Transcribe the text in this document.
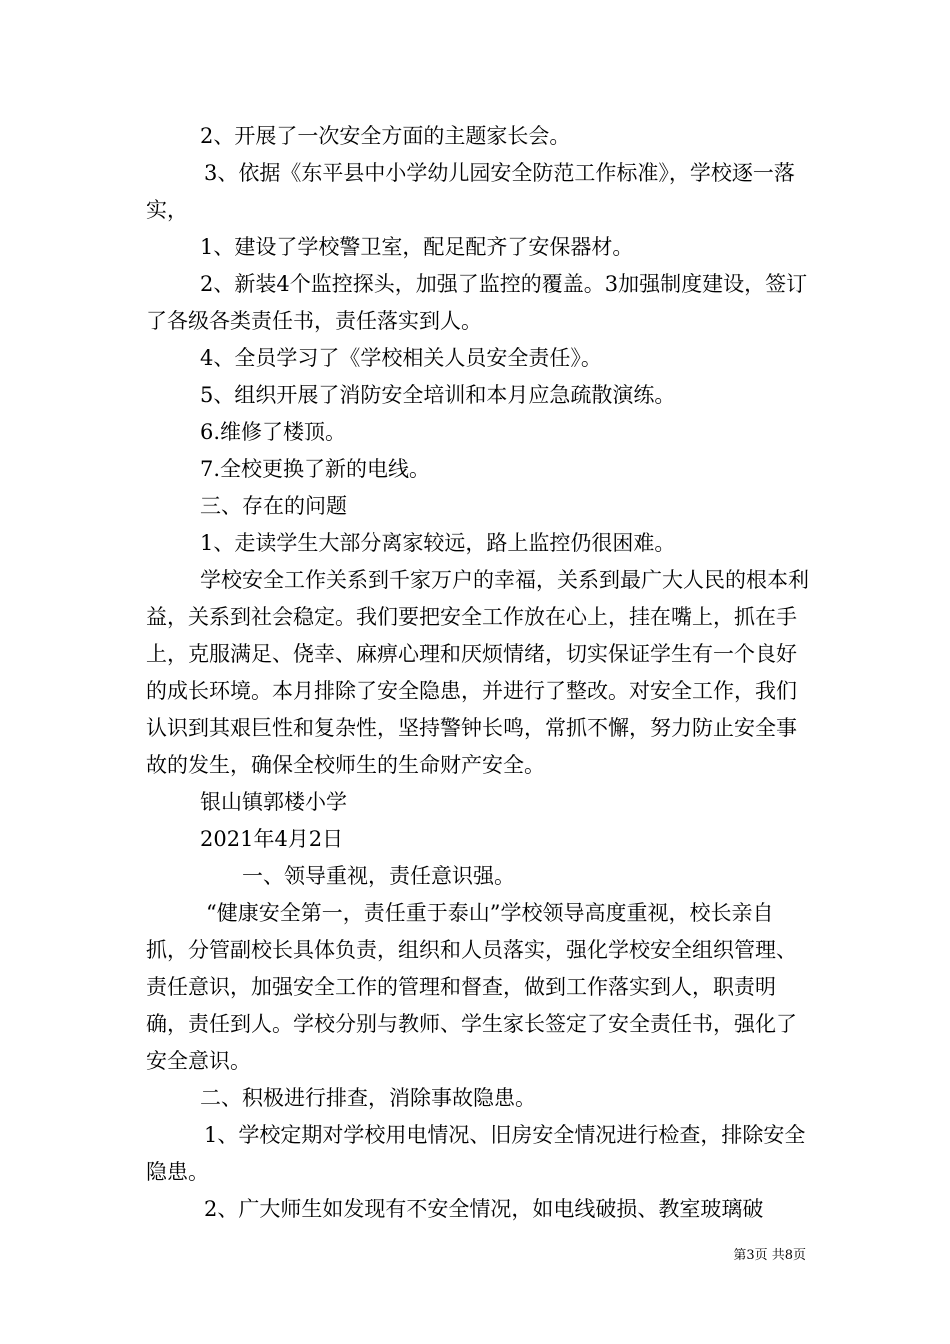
2、开展了一次安全方面的主题家长会。

3、依据《东平县中小学幼儿园安全防范工作标准》，学校逐一落实，

1、建设了学校警卫室，配足配齐了安保器材。

2、新装4个监控探头，加强了监控的覆盖。3加强制度建设，签订了各级各类责任书，责任落实到人。

4、全员学习了《学校相关人员安全责任》。

5、组织开展了消防安全培训和本月应急疏散演练。

6.维修了楼顶。

7.全校更换了新的电线。

三、存在的问题

1、走读学生大部分离家较远，路上监控仍很困难。

学校安全工作关系到千家万户的幸福，关系到最广大人民的根本利益，关系到社会稳定。我们要把安全工作放在心上，挂在嘴上，抓在手上，克服满足、侥幸、麻痹心理和厌烦情绪，切实保证学生有一个良好的成长环境。本月排除了安全隐患，并进行了整改。对安全工作，我们认识到其艰巨性和复杂性，坚持警钟长鸣，常抓不懈，努力防止安全事故的发生，确保全校师生的生命财产安全。

银山镇郭楼小学

2021年4月2日

一、领导重视，责任意识强。

“健康安全第一，责任重于泰山”学校领导高度重视，校长亲自抓，分管副校长具体负责，组织和人员落实，强化学校安全组织管理、责任意识，加强安全工作的管理和督查，做到工作落实到人，职责明确，责任到人。学校分别与教师、学生家长签定了安全责任书，强化了安全意识。

二、积极进行排查，消除事故隐患。

1、学校定期对学校用电情况、旧房安全情况进行检查，排除安全隐患。

2、广大师生如发现有不安全情况，如电线破损、教室玻璃破

第3页 共8页
